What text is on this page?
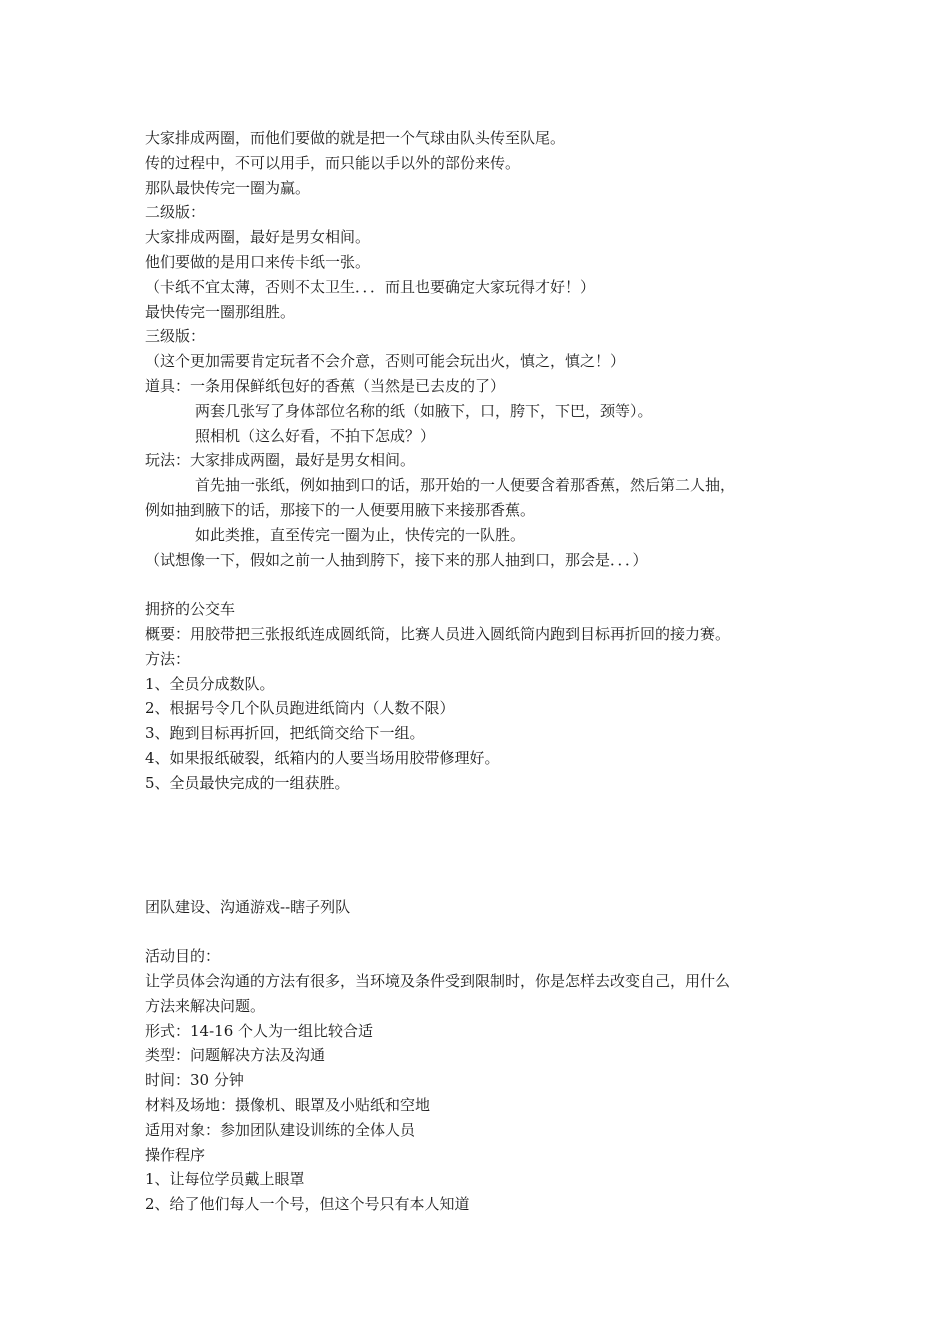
大家排成两圈，而他们要做的就是把一个气球由队头传至队尾。

传的过程中，不可以用手，而只能以手以外的部份来传。

那队最快传完一圈为赢。

二级版：

大家排成两圈，最好是男女相间。

他们要做的是用口来传卡纸一张。

（卡纸不宜太薄，否则不太卫生．．．而且也要确定大家玩得才好！）

最快传完一圈那组胜。

三级版：

（这个更加需要肯定玩者不会介意，否则可能会玩出火，慎之，慎之！）

道具：一条用保鲜纸包好的香蕉（当然是已去皮的了）

两套几张写了身体部位名称的纸（如腋下，口，胯下，下巴，颈等）。

照相机（这么好看，不拍下怎成？）

玩法：大家排成两圈，最好是男女相间。

首先抽一张纸，例如抽到口的话，那开始的一人便要含着那香蕉，然后第二人抽，

例如抽到腋下的话，那接下的一人便要用腋下来接那香蕉。

如此类推，直至传完一圈为止，快传完的一队胜。

（试想像一下，假如之前一人抽到胯下，接下来的那人抽到口，那会是．．．）

拥挤的公交车

概要：用胶带把三张报纸连成圆纸筒，比赛人员进入圆纸筒内跑到目标再折回的接力赛。

方法：

1、全员分成数队。

2、根据号令几个队员跑进纸筒内（人数不限）

3、跑到目标再折回，把纸筒交给下一组。

4、如果报纸破裂，纸箱内的人要当场用胶带修理好。

5、全员最快完成的一组获胜。

团队建设、沟通游戏--瞎子列队

活动目的：

让学员体会沟通的方法有很多，当环境及条件受到限制时，你是怎样去改变自己，用什么

方法来解决问题。

形式：14-16 个人为一组比较合适

类型：问题解决方法及沟通

时间：30 分钟

材料及场地：摄像机、眼罩及小贴纸和空地

适用对象：参加团队建设训练的全体人员

操作程序

1、让每位学员戴上眼罩

2、给了他们每人一个号，但这个号只有本人知道
